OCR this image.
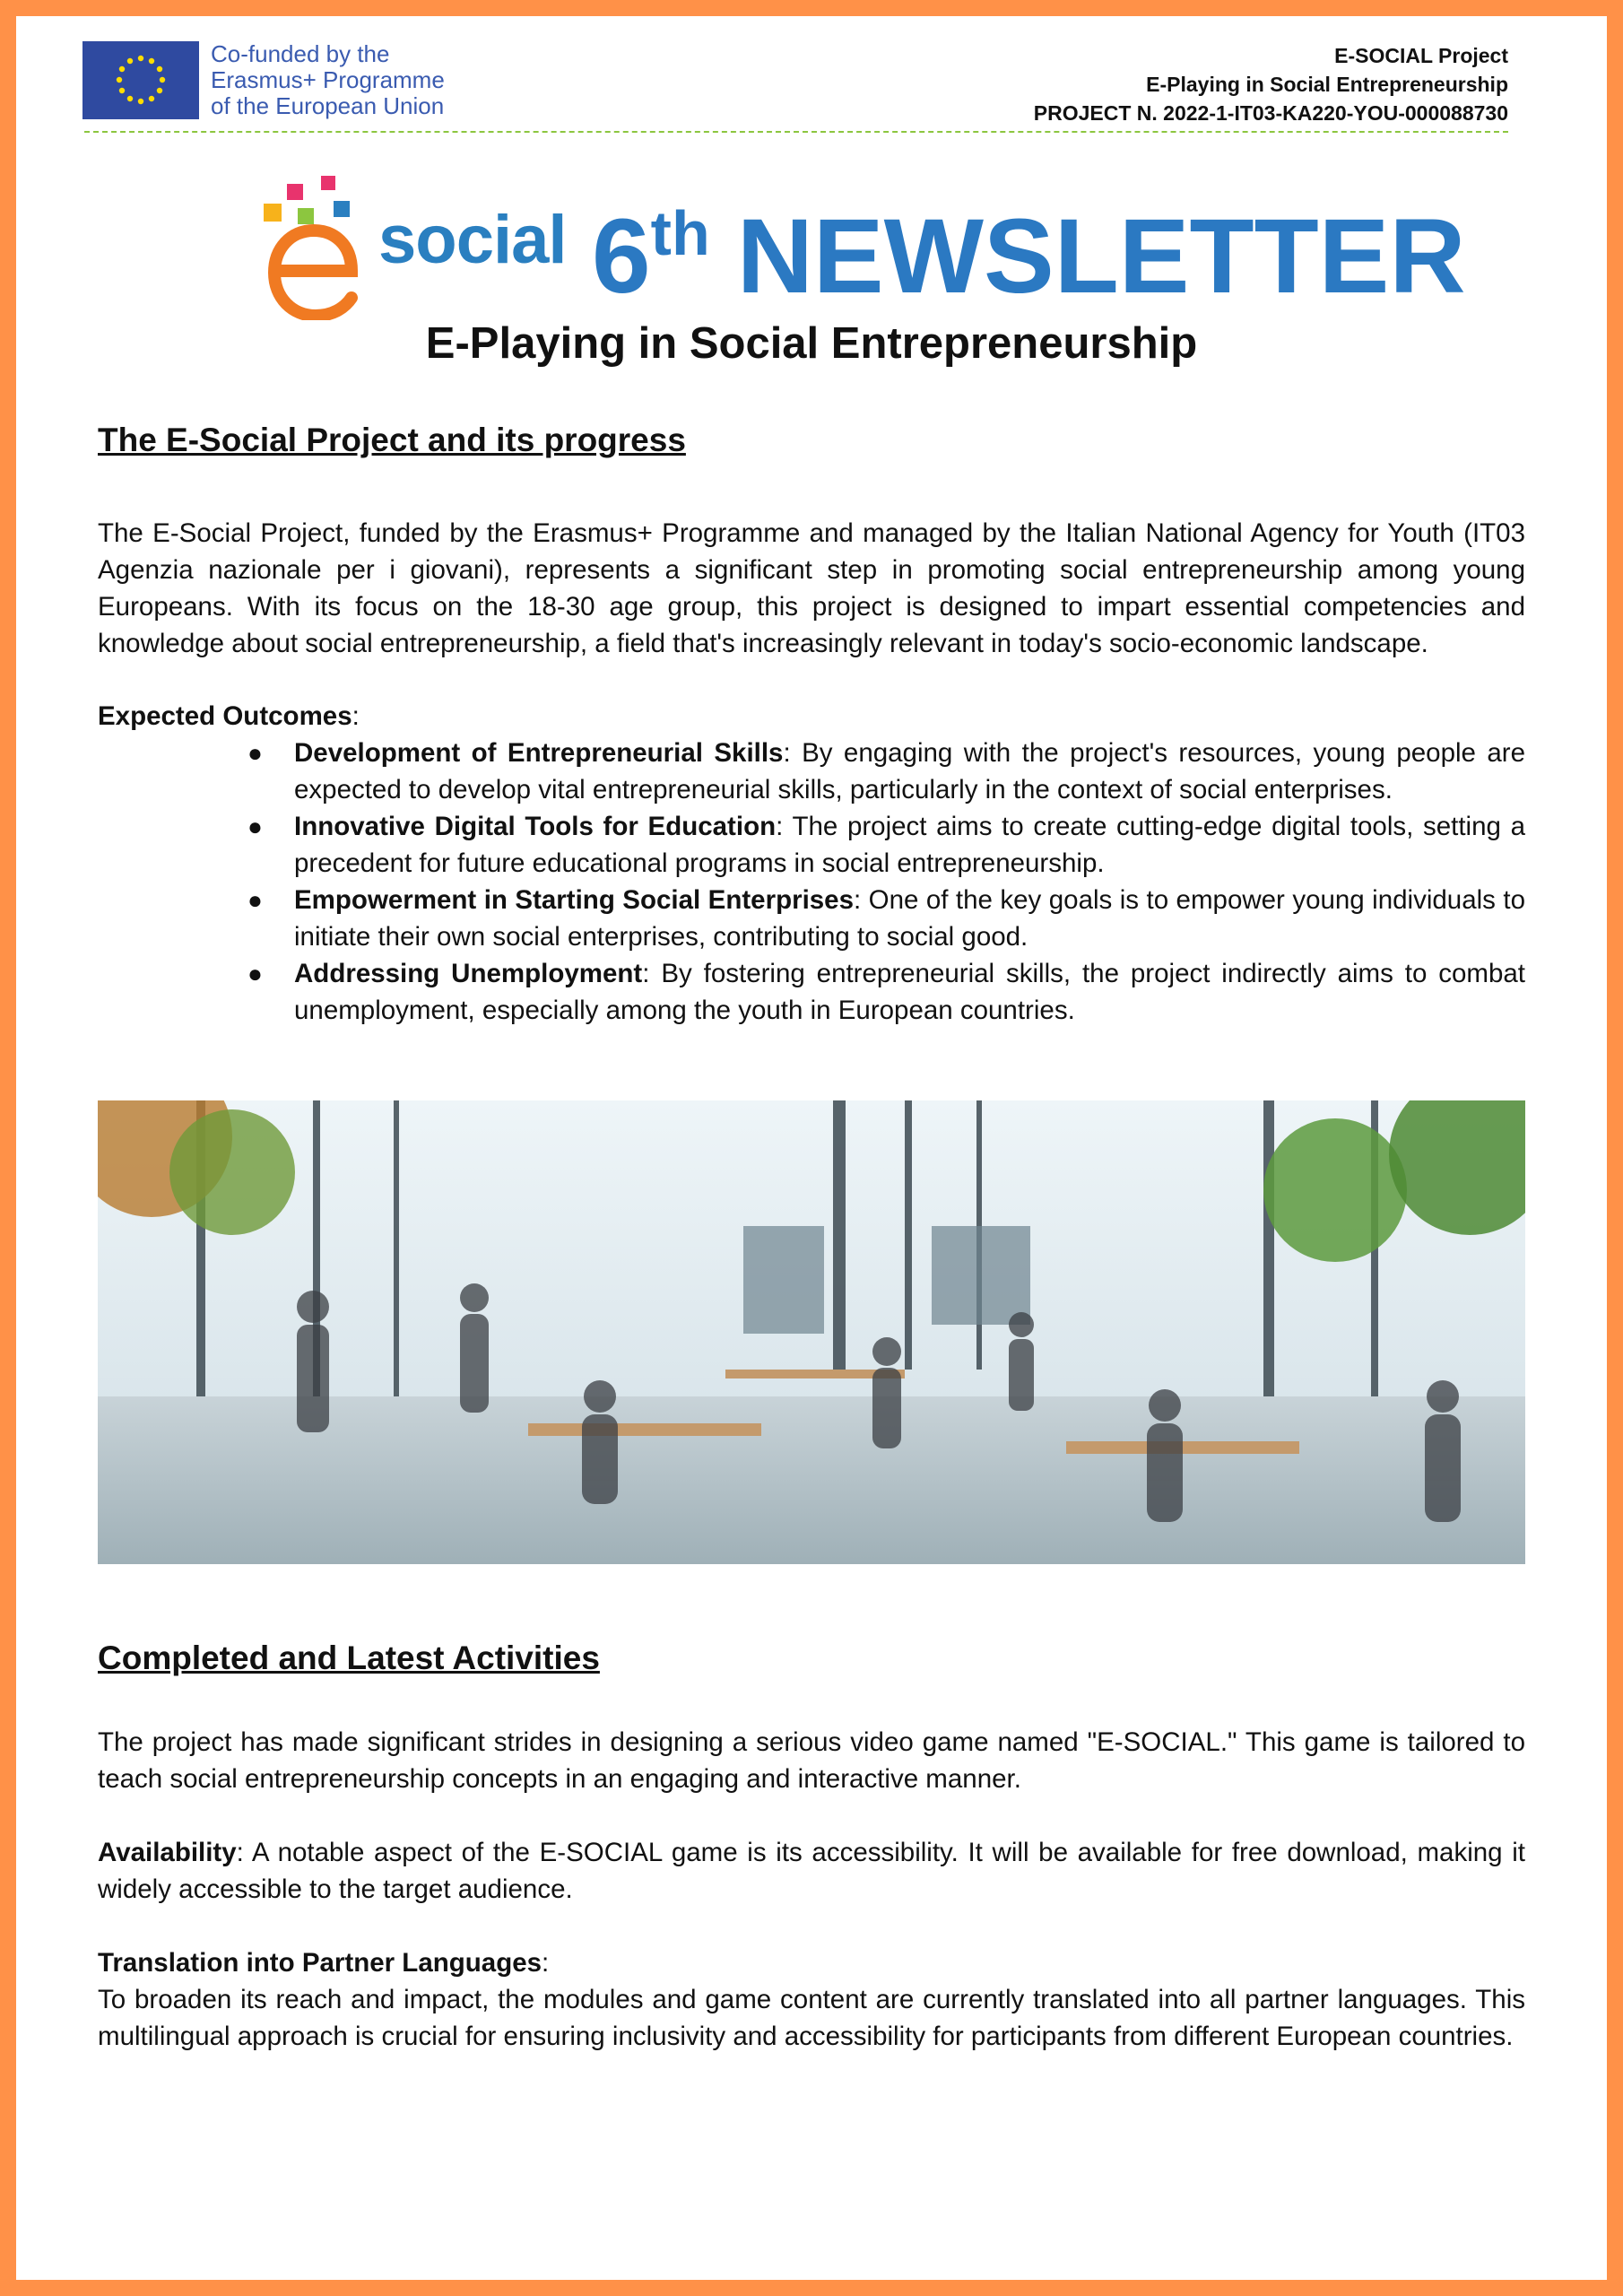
Co-funded by the
Erasmus+ Programme
of the European Union
E-SOCIAL Project
E-Playing in Social Entrepreneurship
PROJECT N. 2022-1-IT03-KA220-YOU-000088730
social 6th NEWSLETTER
E-Playing in Social Entrepreneurship
The E-Social Project and its progress

The E-Social Project, funded by the Erasmus+ Programme and managed by the Italian National Agency for Youth (IT03 Agenzia nazionale per i giovani), represents a significant step in promoting social entrepreneurship among young Europeans. With its focus on the 18-30 age group, this project is designed to impart essential competencies and knowledge about social entrepreneurship, a field that's increasingly relevant in today's socio-economic landscape.

Expected Outcomes:

● Development of Entrepreneurial Skills: By engaging with the project's resources, young people are expected to develop vital entrepreneurial skills, particularly in the context of social enterprises.
● Innovative Digital Tools for Education: The project aims to create cutting-edge digital tools, setting a precedent for future educational programs in social entrepreneurship.
● Empowerment in Starting Social Enterprises: One of the key goals is to empower young individuals to initiate their own social enterprises, contributing to social good.
● Addressing Unemployment: By fostering entrepreneurial skills, the project indirectly aims to combat unemployment, especially among the youth in European countries.
Completed and Latest Activities

The project has made significant strides in designing a serious video game named "E-SOCIAL." This game is tailored to teach social entrepreneurship concepts in an engaging and interactive manner.

Availability: A notable aspect of the E-SOCIAL game is its accessibility. It will be available for free download, making it widely accessible to the target audience.

Translation into Partner Languages:

To broaden its reach and impact, the modules and game content are currently translated into all partner languages. This multilingual approach is crucial for ensuring inclusivity and accessibility for participants from different European countries.
